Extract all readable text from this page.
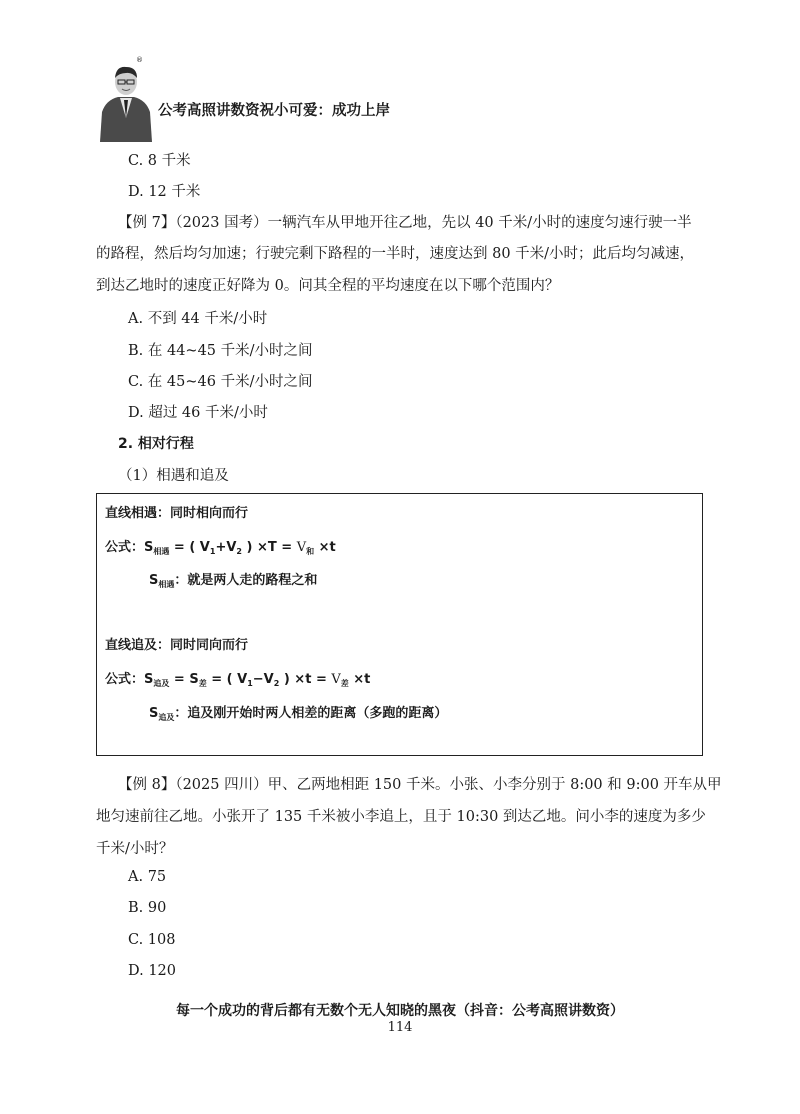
®
公考高照讲数资祝小可爱：成功上岸
C. 8 千米
D. 12 千米
【例 7】（2023 国考）一辆汽车从甲地开往乙地，先以 40 千米/小时的速度匀速行驶一半
的路程，然后均匀加速；行驶完剩下路程的一半时，速度达到 80 千米/小时；此后均匀减速，
到达乙地时的速度正好降为 0。问其全程的平均速度在以下哪个范围内？
A. 不到 44 千米/小时
B. 在 44~45 千米/小时之间
C. 在 45~46 千米/小时之间
D. 超过 46 千米/小时
2. 相对行程
（1）相遇和追及
直线相遇：同时相向而行
公式：$S_{相遇}$ = ( $V_1+V_2$ ) $\times T = V_和 \times t$
$S_{相遇}$：就是两人走的路程之和
直线追及：同时同向而行
公式：$S_{追及} = S_差$ = ( $V_1-V_2$ ) $\times t = V_差 \times t$
$S_{追及}$：追及刚开始时两人相差的距离（多跑的距离）
【例 8】（2025 四川）甲、乙两地相距 150 千米。小张、小李分别于 8:00 和 9:00 开车从甲
地匀速前往乙地。小张开了 135 千米被小李追上，且于 10:30 到达乙地。问小李的速度为多少
千米/小时？
A. 75
B. 90
C. 108
D. 120
每一个成功的背后都有无数个无人知晓的黑夜（抖音：公考高照讲数资）
114
